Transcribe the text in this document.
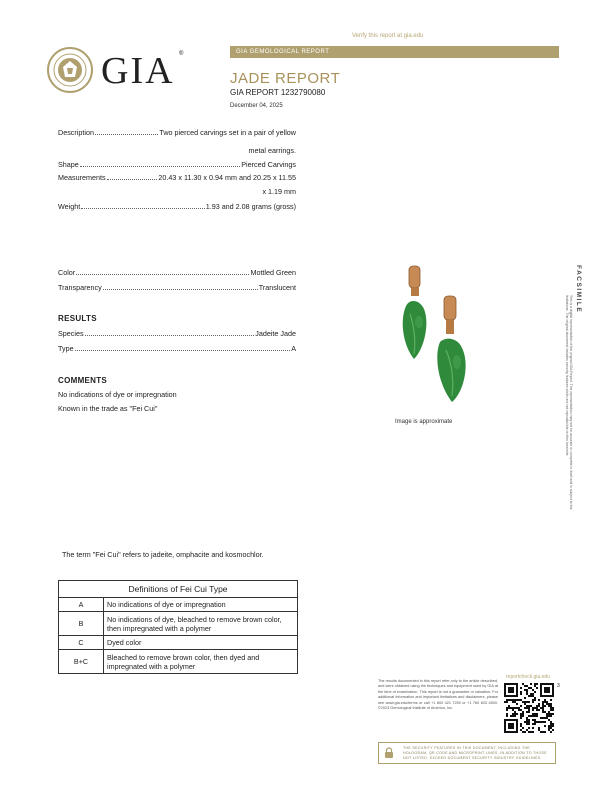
Verify this report at gia.edu
GIA ®	GIA GEMOLOGICAL REPORT
JADE REPORT
GIA REPORT 1232790080
December 04, 2025
Description	Two pierced carvings set in a pair of yellow
metal earrings.
Shape	Pierced Carvings
Measurements	20.43 x 11.30 x 0.94 mm and 20.25 x 11.55
x 1.19 mm
Weight	1.93 and 2.08 grams (gross)
Color	Mottled Green
Transparency	Translucent
RESULTS
Species	Jadeite Jade
Type	A
COMMENTS
No indications of dye or impregnation
Known in the trade as "Fei Cui"
Image is approximate
FACSIMILE
This is a digital representation of the original GIA Report. This representation may not be accurate or complete in itself and is subject to the limitations. The original document includes security features which are not reproducible on this facsimile.
The term "Fei Cui" refers to jadeite, omphacite and kosmochlor.
Definitions of Fei Cui Type	
A	No indications of dye or impregnation
B	No indications of dye, bleached to remove brown color, then impregnated with a polymer
C	Dyed color
B+C	Bleached to remove brown color, then dyed and impregnated with a polymer
The results documented in this report refer only to the article described, and were obtained using the techniques and equipment used by GIA at the time of examination. This report is not a guarantee or valuation. For additional information and important limitations and disclaimers, please see www.gia.edu/terms or call +1 800 421 7250 or +1 760 603 4500. ©2023 Gemological Institute of America, Inc.
reportcheck.gia.edu
3
THE SECURITY FEATURES IN THIS DOCUMENT, INCLUDING THE HOLOGRAM, QR CODE AND MICROPRINT LINES, IN ADDITION TO THOSE NOT LISTED, EXCEED DOCUMENT SECURITY INDUSTRY GUIDELINES.
